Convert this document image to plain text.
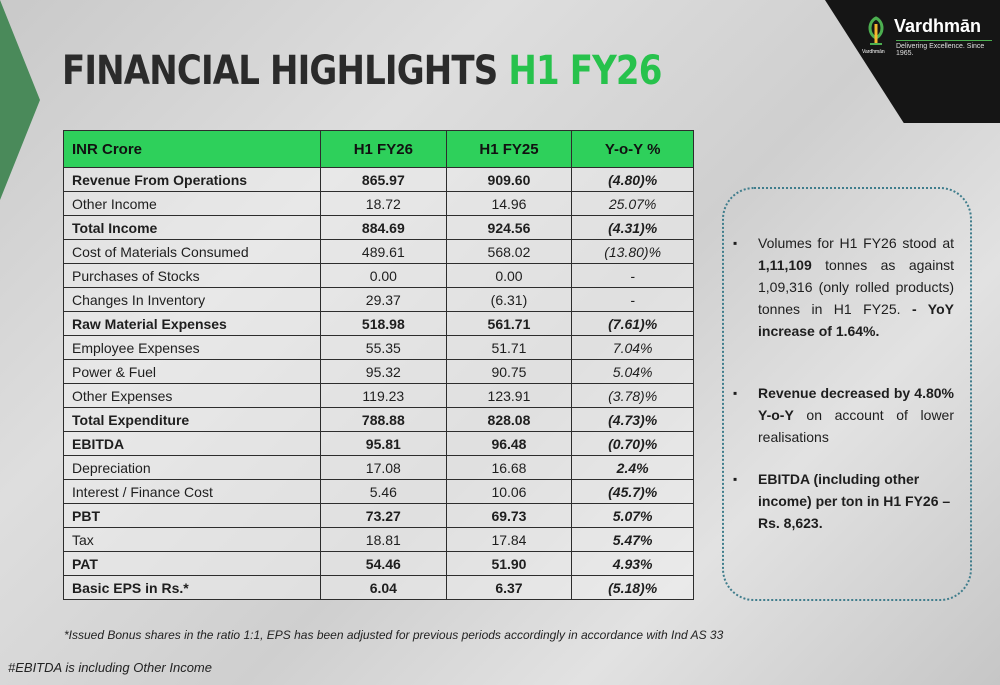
Vardhmān
Delivering Excellence. Since 1965.
Vardhmān
FINANCIAL HIGHLIGHTS H1 FY26
INR Crore	H1 FY26	H1 FY25	Y-o-Y %
Revenue From Operations	865.97	909.60	(4.80)%
Other Income	18.72	14.96	25.07%
Total Income	884.69	924.56	(4.31)%
Cost of Materials Consumed	489.61	568.02	(13.80)%
Purchases of Stocks	0.00	0.00	-
Changes In Inventory	29.37	(6.31)	-
Raw Material Expenses	518.98	561.71	(7.61)%
Employee Expenses	55.35	51.71	7.04%
Power & Fuel	95.32	90.75	5.04%
Other Expenses	119.23	123.91	(3.78)%
Total Expenditure	788.88	828.08	(4.73)%
EBITDA	95.81	96.48	(0.70)%
Depreciation	17.08	16.68	2.4%
Interest / Finance Cost	5.46	10.06	(45.7)%
PBT	73.27	69.73	5.07%
Tax	18.81	17.84	5.47%
PAT	54.46	51.90	4.93%
Basic EPS in Rs.*	6.04	6.37	(5.18)%
▪ Volumes for H1 FY26 stood at 1,11,109 tonnes as against 1,09,316 (only rolled products) tonnes in H1 FY25. - YoY increase of 1.64%.
▪ Revenue decreased by 4.80% Y-o-Y on account of lower realisations
▪ EBITDA (including other income) per ton in H1 FY26 – Rs. 8,623.
*Issued Bonus shares in the ratio 1:1, EPS has been adjusted for previous periods accordingly in accordance with Ind AS 33
#EBITDA is including Other Income
